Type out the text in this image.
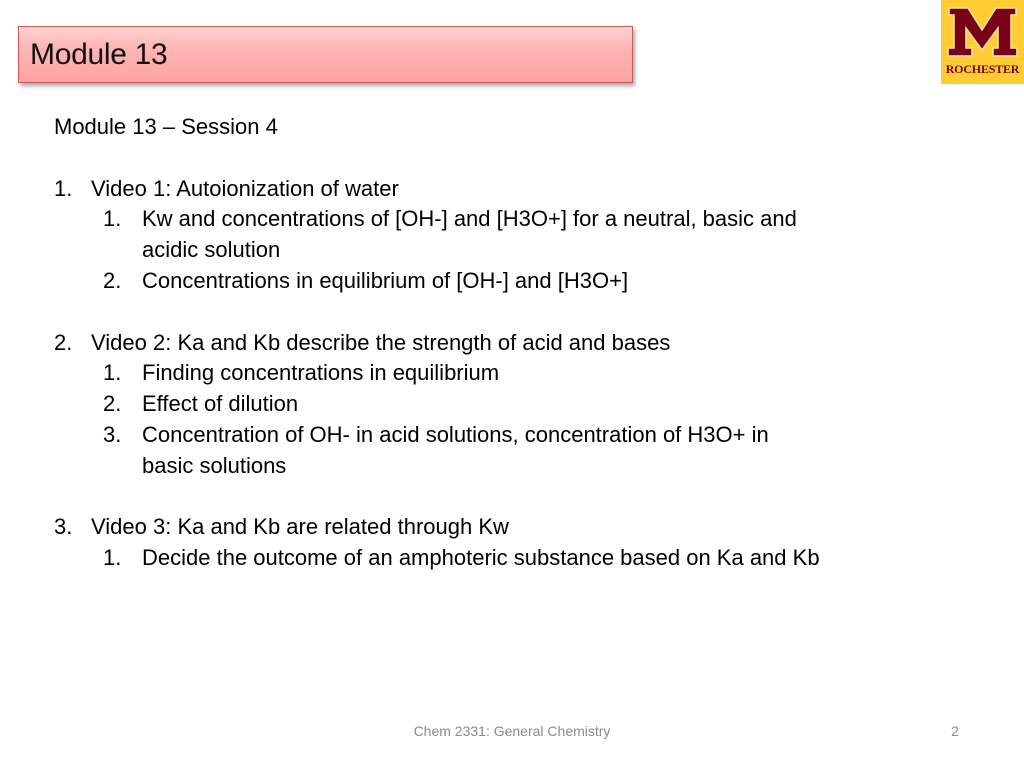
Module 13	ROCHESTER
Module 13 – Session 4
1. Video 1: Autoionization of water
1. Kw and concentrations of [OH-] and [H3O+] for a neutral, basic and
acidic solution
2. Concentrations in equilibrium of [OH-] and [H3O+]
2. Video 2: Ka and Kb describe the strength of acid and bases
1. Finding concentrations in equilibrium
2. Effect of dilution
3. Concentration of OH- in acid solutions, concentration of H3O+ in
basic solutions
3. Video 3: Ka and Kb are related through Kw
1. Decide the outcome of an amphoteric substance based on Ka and Kb
Chem 2331: General Chemistry	2
